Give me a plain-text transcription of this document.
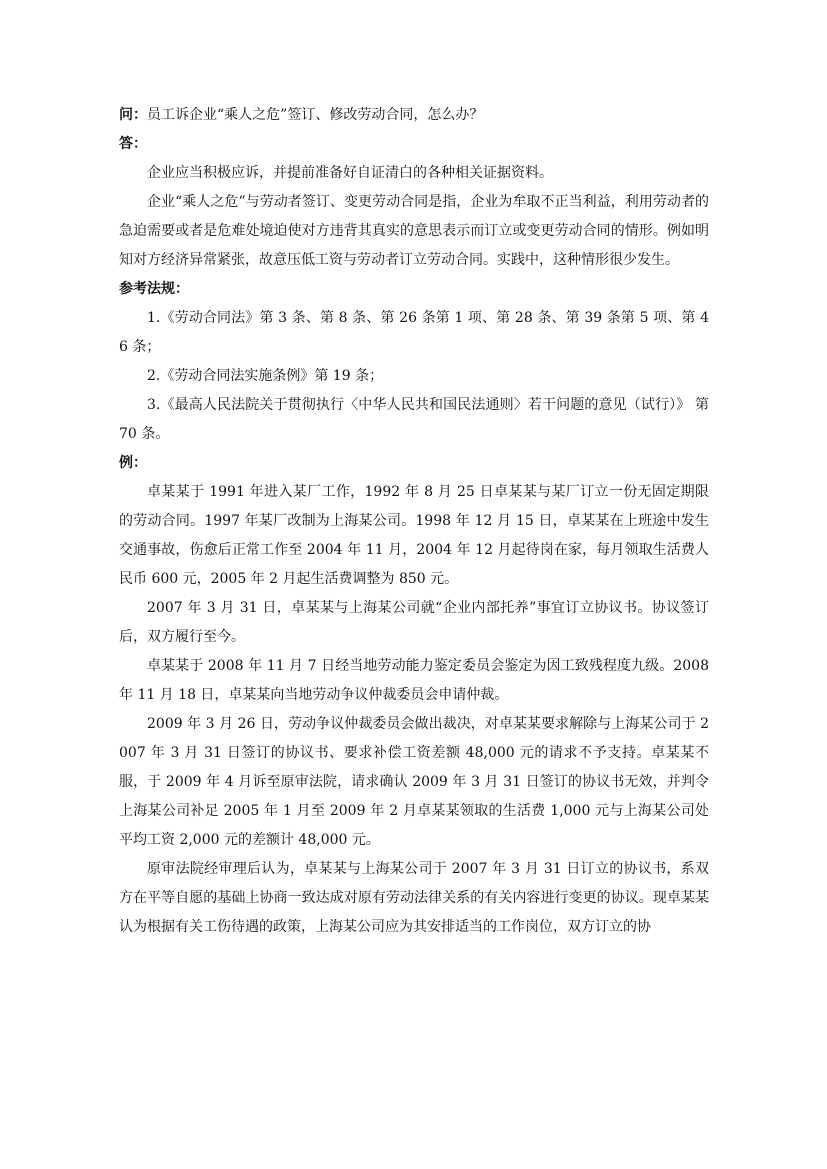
问：员工诉企业“乘人之危”签订、修改劳动合同，怎么办？

答：

企业应当积极应诉，并提前准备好自证清白的各种相关证据资料。

企业“乘人之危”与劳动者签订、变更劳动合同是指，企业为牟取不正当利益，利用劳动者的急迫需要或者是危难处境迫使对方违背其真实的意思表示而订立或变更劳动合同的情形。例如明知对方经济异常紧张，故意压低工资与劳动者订立劳动合同。实践中，这种情形很少发生。

参考法规：

1.《劳动合同法》第 3 条、第 8 条、第 26 条第 1 项、第 28 条、第 39 条第 5 项、第 46 条；

2.《劳动合同法实施条例》第 19 条；

3.《最高人民法院关于贯彻执行〈中华人民共和国民法通则〉若干问题的意见（试行）》 第 70 条。

例：

卓某某于 1991 年进入某厂工作，1992 年 8 月 25 日卓某某与某厂订立一份无固定期限的劳动合同。1997 年某厂改制为上海某公司。1998 年 12 月 15 日，卓某某在上班途中发生交通事故，伤愈后正常工作至 2004 年 11 月，2004 年 12 月起待岗在家，每月领取生活费人民币 600 元，2005 年 2 月起生活费调整为 850 元。

2007 年 3 月 31 日，卓某某与上海某公司就“企业内部托养”事宜订立协议书。协议签订后，双方履行至今。

卓某某于 2008 年 11 月 7 日经当地劳动能力鉴定委员会鉴定为因工致残程度九级。2008 年 11 月 18 日，卓某某向当地劳动争议仲裁委员会申请仲裁。

2009 年 3 月 26 日，劳动争议仲裁委员会做出裁决，对卓某某要求解除与上海某公司于 2007 年 3 月 31 日签订的协议书、要求补偿工资差额 48,000 元的请求不予支持。卓某某不服，于 2009 年 4 月诉至原审法院，请求确认 2009 年 3 月 31 日签订的协议书无效，并判令上海某公司补足 2005 年 1 月至 2009 年 2 月卓某某领取的生活费 1,000 元与上海某公司处平均工资 2,000 元的差额计 48,000 元。

原审法院经审理后认为，卓某某与上海某公司于 2007 年 3 月 31 日订立的协议书，系双方在平等自愿的基础上协商一致达成对原有劳动法律关系的有关内容进行变更的协议。现卓某某认为根据有关工伤待遇的政策，上海某公司应为其安排适当的工作岗位，双方订立的协
